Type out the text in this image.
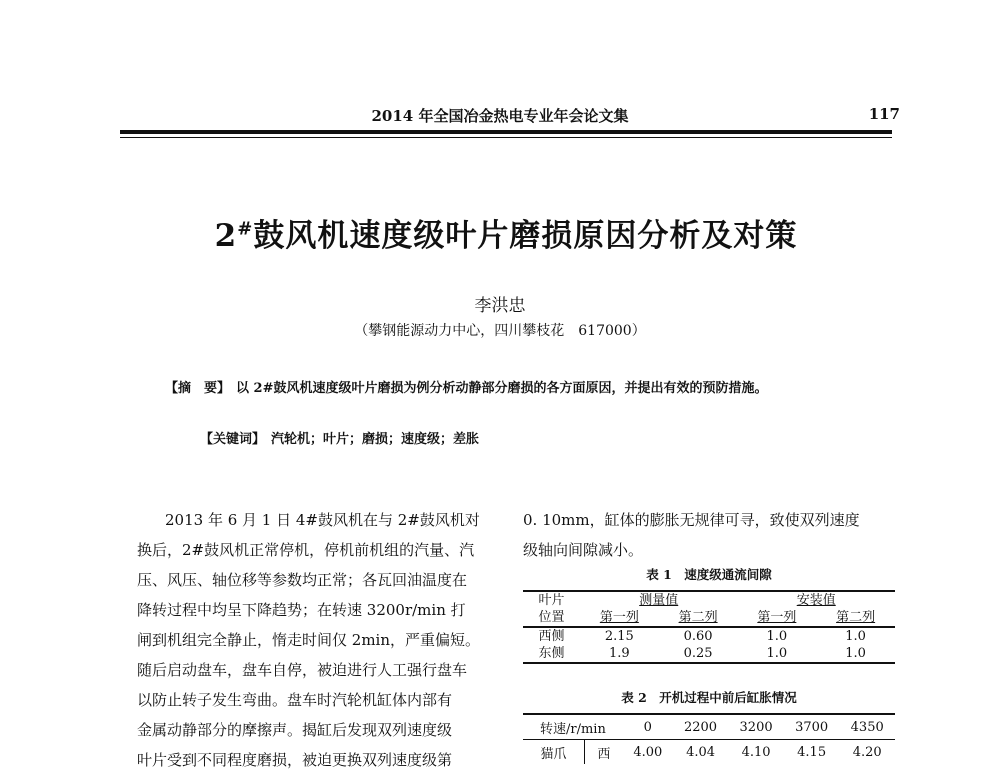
2014 年全国冶金热电专业年会论文集	117
2#鼓风机速度级叶片磨损原因分析及对策
李洪忠
（攀钢能源动力中心，四川攀枝花　617000）
【摘　要】 以 2#鼓风机速度级叶片磨损为例分析动静部分磨损的各方面原因，并提出有效的预防措施。
【关键词】 汽轮机；叶片；磨损；速度级；差胀
2013 年 6 月 1 日 4#鼓风机在与 2#鼓风机对
换后，2#鼓风机正常停机，停机前机组的汽量、汽
压、风压、轴位移等参数均正常；各瓦回油温度在
降转过程中均呈下降趋势；在转速 3200r/min 打
闸到机组完全静止，惰走时间仅 2min，严重偏短。
随后启动盘车，盘车自停，被迫进行人工强行盘车
以防止转子发生弯曲。盘车时汽轮机缸体内部有
金属动静部分的摩擦声。揭缸后发现双列速度级
叶片受到不同程度磨损，被迫更换双列速度级第
0. 10mm，缸体的膨胀无规律可寻，致使双列速度
级轴向间隙减小。
表 1　速度级通流间隙
叶片	测量值		安装值	
位置	第一列	第二列	第一列	第二列
西侧	2.15	0.60	1.0	1.0
东侧	1.9	0.25	1.0	1.0
表 2　开机过程中前后缸胀情况
转速/r/min		0	2200	3200	3700	4350
猫爪	西	4.00	4.04	4.10	4.15	4.20
